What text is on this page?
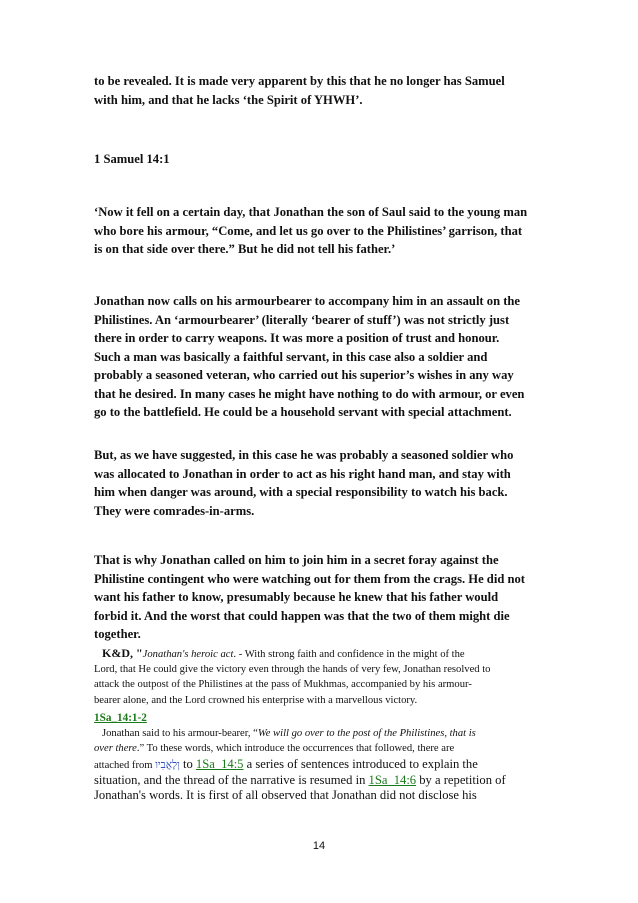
to be revealed. It is made very apparent by this that he no longer has Samuel
with him, and that he lacks ‘the Spirit of YHWH’.
1 Samuel 14:1
‘Now it fell on a certain day, that Jonathan the son of Saul said to the young man
who bore his armour, “Come, and let us go over to the Philistines’ garrison, that
is on that side over there.” But he did not tell his father.’
Jonathan now calls on his armourbearer to accompany him in an assault on the
Philistines. An ‘armourbearer’ (literally ‘bearer of stuff’) was not strictly just
there in order to carry weapons. It was more a position of trust and honour.
Such a man was basically a faithful servant, in this case also a soldier and
probably a seasoned veteran, who carried out his superior’s wishes in any way
that he desired. In many cases he might have nothing to do with armour, or even
go to the battlefield. He could be a household servant with special attachment.
But, as we have suggested, in this case he was probably a seasoned soldier who
was allocated to Jonathan in order to act as his right hand man, and stay with
him when danger was around, with a special responsibility to watch his back.
They were comrades-in-arms.
That is why Jonathan called on him to join him in a secret foray against the
Philistine contingent who were watching out for them from the crags. He did not
want his father to know, presumably because he knew that his father would
forbid it. And the worst that could happen was that the two of them might die
together.
K&D, "Jonathan's heroic act. - With strong faith and confidence in the might of the
Lord, that He could give the victory even through the hands of very few, Jonathan resolved to
attack the outpost of the Philistines at the pass of Mukhmas, accompanied by his armour-
bearer alone, and the Lord crowned his enterprise with a marvellous victory.
1Sa_14:1-2
Jonathan said to his armour-bearer, “We will go over to the post of the Philistines, that is
over there.” To these words, which introduce the occurrences that followed, there are
attached from וְלָאֲבִיו to 1Sa_14:5 a series of sentences introduced to explain the
situation, and the thread of the narrative is resumed in 1Sa_14:6 by a repetition of
Jonathan's words. It is first of all observed that Jonathan did not disclose his
14
